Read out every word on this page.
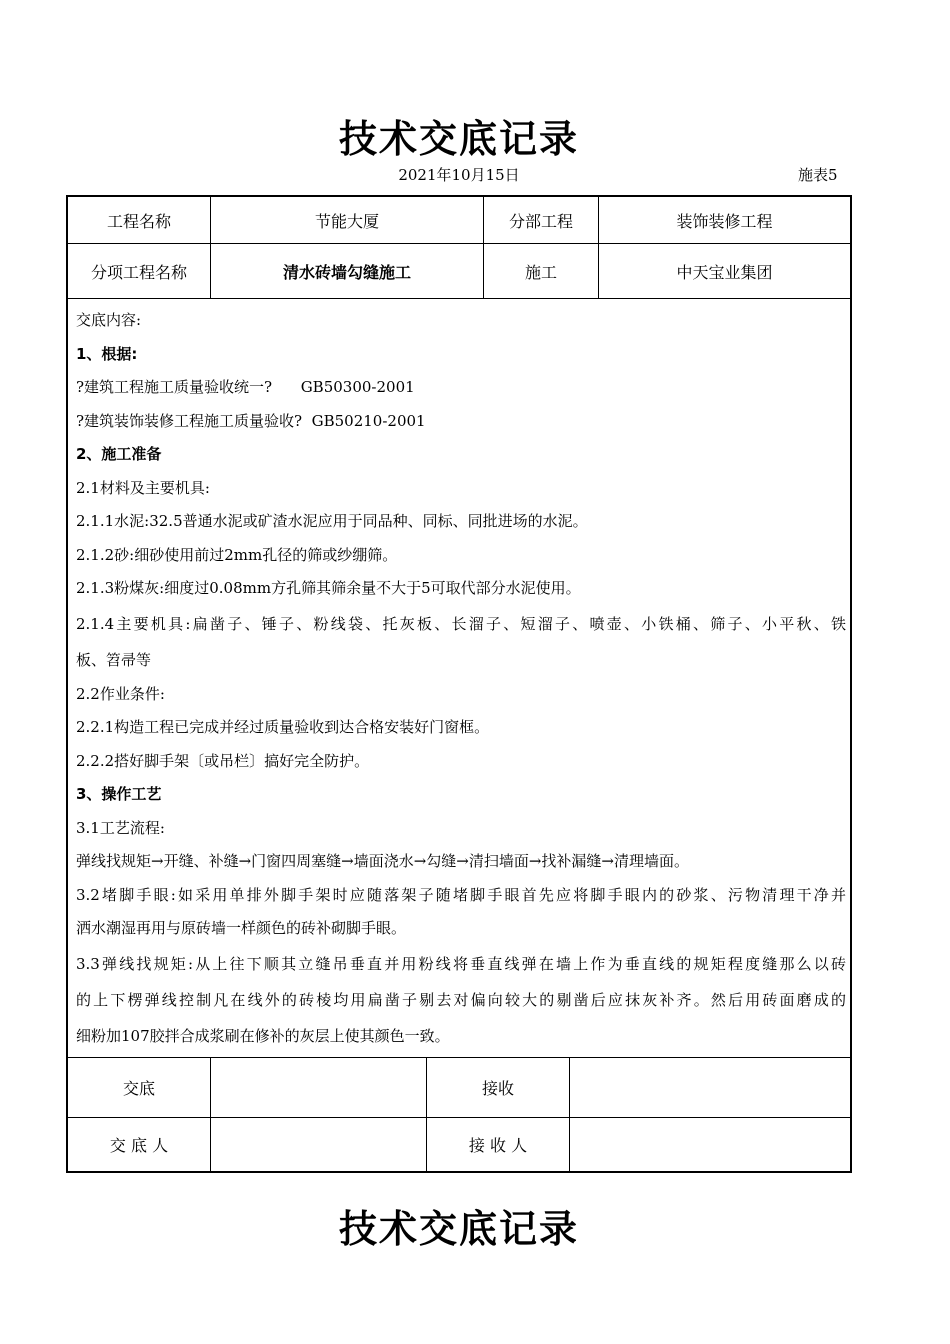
技术交底记录
2021年10月15日	施表5
工程名称	节能大厦	分部工程	装饰装修工程
分项工程名称	清水砖墙勾缝施工	施工	中天宝业集团
交底内容:
1、根据:
?建筑工程施工质量验收统一?      GB50300-2001
?建筑装饰装修工程施工质量验收?  GB50210-2001
2、施工准备
2.1材料及主要机具:
2.1.1水泥:32.5普通水泥或矿渣水泥应用于同品种、同标、同批进场的水泥。
2.1.2砂:细砂使用前过2mm孔径的筛或纱绷筛。
2.1.3粉煤灰:细度过0.08mm方孔筛其筛余量不大于5可取代部分水泥使用。
2.1.4主要机具:扁凿子、锤子、粉线袋、托灰板、长溜子、短溜子、喷壶、小铁桶、筛子、小平秋、铁
板、笤帚等
2.2作业条件:
2.2.1构造工程已完成并经过质量验收到达合格安装好门窗框。
2.2.2搭好脚手架〔或吊栏〕搞好完全防护。
3、操作工艺
3.1工艺流程:
弹线找规矩→开缝、补缝→门窗四周塞缝→墙面浇水→勾缝→清扫墙面→找补漏缝→清理墙面。
3.2堵脚手眼:如采用单排外脚手架时应随落架子随堵脚手眼首先应将脚手眼内的砂浆、污物清理干净并
洒水潮湿再用与原砖墙一样颜色的砖补砌脚手眼。
3.3弹线找规矩:从上往下顺其立缝吊垂直并用粉线将垂直线弹在墙上作为垂直线的规矩程度缝那么以砖
的上下楞弹线控制凡在线外的砖棱均用扁凿子剔去对偏向较大的剔凿后应抹灰补齐。然后用砖面磨成的
细粉加107胶拌合成浆刷在修补的灰层上使其颜色一致。
交底	接收
交 底 人	接 收 人
技术交底记录
